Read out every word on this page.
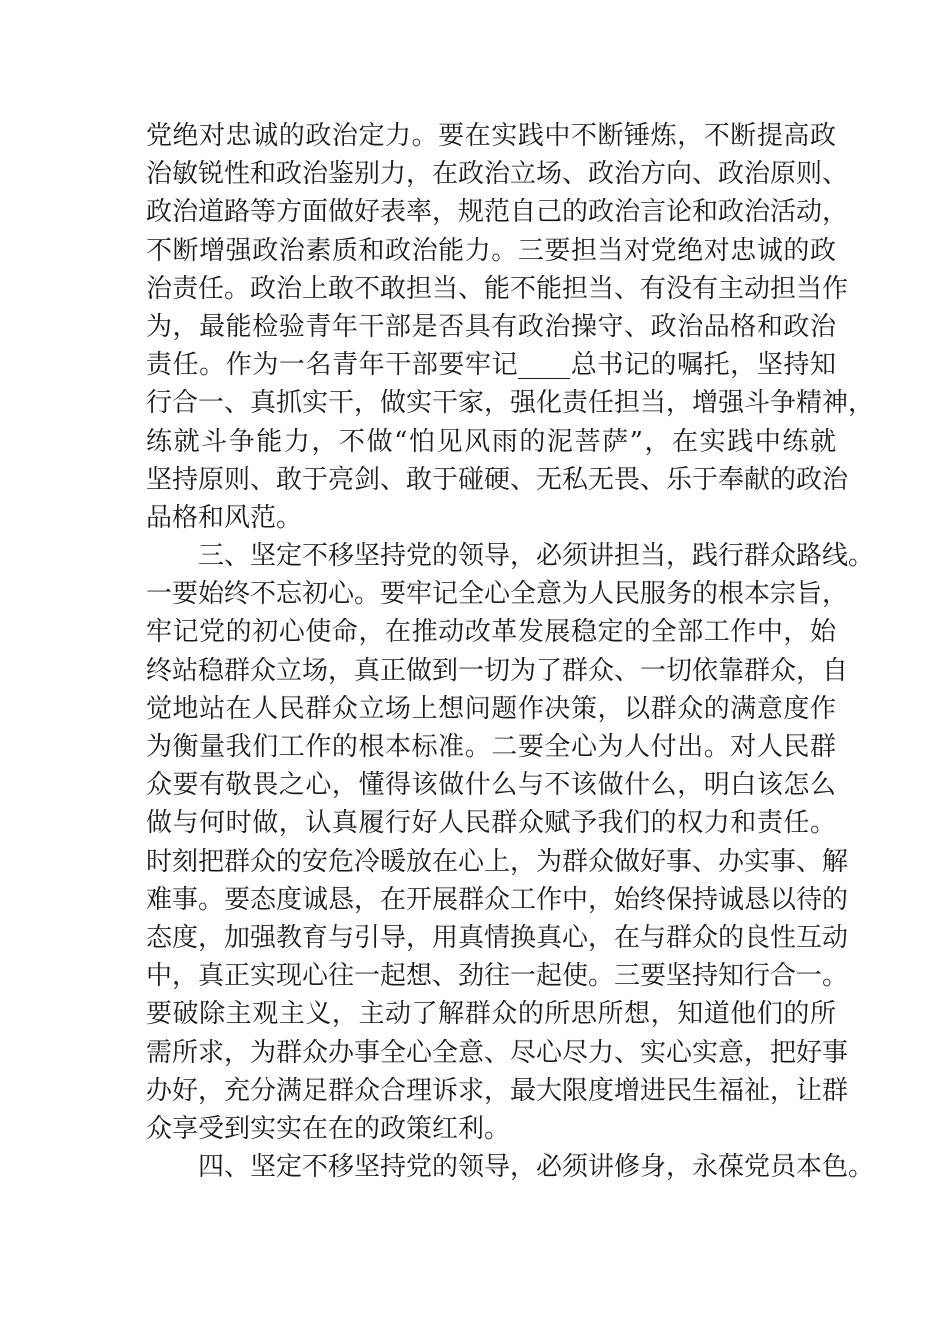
党绝对忠诚的政治定力。要在实践中不断锤炼，不断提高政
治敏锐性和政治鉴别力，在政治立场、政治方向、政治原则、
政治道路等方面做好表率，规范自己的政治言论和政治活动，
不断增强政治素质和政治能力。三要担当对党绝对忠诚的政
治责任。政治上敢不敢担当、能不能担当、有没有主动担当作
为，最能检验青年干部是否具有政治操守、政治品格和政治
责任。作为一名青年干部要牢记____总书记的嘱托，坚持知
行合一、真抓实干，做实干家，强化责任担当，增强斗争精神，
练就斗争能力，不做“怕见风雨的泥菩萨”，在实践中练就
坚持原则、敢于亮剑、敢于碰硬、无私无畏、乐于奉献的政治
品格和风范。
三、坚定不移坚持党的领导，必须讲担当，践行群众路线。
一要始终不忘初心。要牢记全心全意为人民服务的根本宗旨，
牢记党的初心使命，在推动改革发展稳定的全部工作中，始
终站稳群众立场，真正做到一切为了群众、一切依靠群众，自
觉地站在人民群众立场上想问题作决策，以群众的满意度作
为衡量我们工作的根本标准。二要全心为人付出。对人民群
众要有敬畏之心，懂得该做什么与不该做什么，明白该怎么
做与何时做，认真履行好人民群众赋予我们的权力和责任。
时刻把群众的安危冷暖放在心上，为群众做好事、办实事、解
难事。要态度诚恳，在开展群众工作中，始终保持诚恳以待的
态度，加强教育与引导，用真情换真心，在与群众的良性互动
中，真正实现心往一起想、劲往一起使。三要坚持知行合一。
要破除主观主义，主动了解群众的所思所想，知道他们的所
需所求，为群众办事全心全意、尽心尽力、实心实意，把好事
办好，充分满足群众合理诉求，最大限度增进民生福祉，让群
众享受到实实在在的政策红利。
四、坚定不移坚持党的领导，必须讲修身，永葆党员本色。
